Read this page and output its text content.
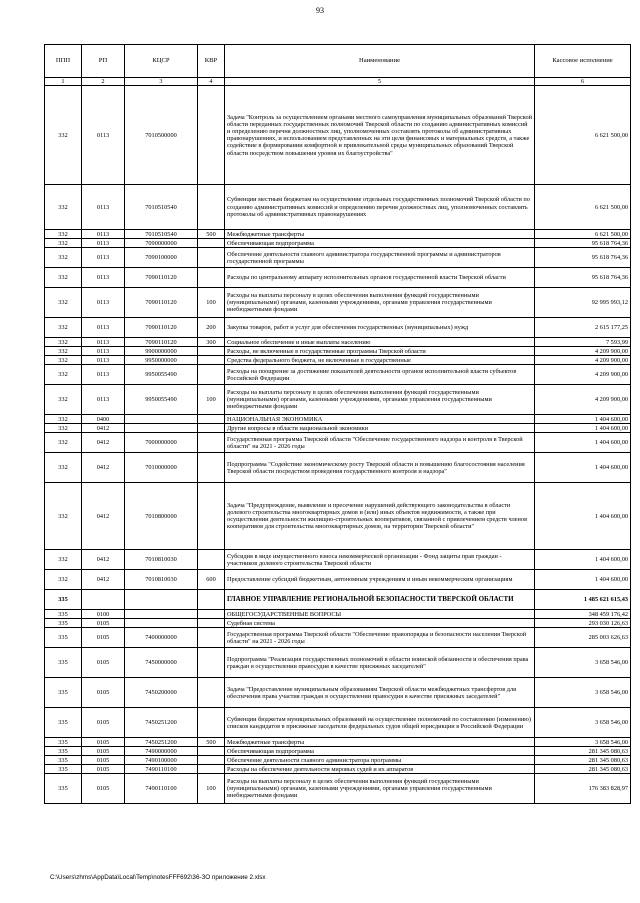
93
ППП	РП	КЦСР	КВР	Наименование	Кассовое исполнение
1	2	3	4	5	6
332	0113	7010500000		Задача "Контроль за осуществлением органами местного самоуправления муниципальных образований Тверской области переданных государственных полномочий Тверской области по созданию административных комиссий и определению перечня должностных лиц, уполномоченных составлять протоколы об административных правонарушениях, и использованием представленных на эти цели финансовых и материальных средств, а также содействие в формировании комфортной и привлекательной среды муниципальных образований Тверской области посредством повышения уровня их благоустройства"	6 621 500,00
332	0113	7010510540		Субвенции местным бюджетам на осуществление отдельных государственных полномочий Тверской области по созданию административных комиссий и определению перечня должностных лиц, уполномоченных составлять протоколы об административных правонарушениях	6 621 500,00
332	0113	7010510540	500	Межбюджетные трансферты	6 621 500,00
332	0113	7090000000		Обеспечивающая подпрограмма	95 618 764,36
332	0113	7090100000		Обеспечение деятельности главного администратора государственной программы и администраторов государственной программы	95 618 764,36
332	0113	7090110120		Расходы по центральному аппарату исполнительных органов государственной власти Тверской области	95 618 764,36
332	0113	7090110120	100	Расходы на выплаты персоналу в целях обеспечения выполнения функций государственными (муниципальными) органами, казенными учреждениями, органами управления государственными внебюджетными фондами	92 995 993,12
332	0113	7090110120	200	Закупка товаров, работ и услуг для обеспечения государственных (муниципальных) нужд	2 615 177,25
332	0113	7090110120	300	Социальное обеспечение и иные выплаты населению	7 593,99
332	0113	9900000000		Расходы, не включенные в государственные программы Тверской области	4 209 900,00
332	0113	9950000000		Средства федерального бюджета, не включенные в государственные	4 209 900,00
332	0113	9950055490		Расходы на поощрение за достижение показателей деятельности органов исполнительной власти субъектов Российской Федерации	4 209 900,00
332	0113	9950055490	100	Расходы на выплаты персоналу в целях обеспечения выполнения функций государственными (муниципальными) органами, казенными учреждениями, органами управления государственными внебюджетными фондами	4 209 900,00
332	0400			НАЦИОНАЛЬНАЯ ЭКОНОМИКА	1 404 600,00
332	0412			Другие вопросы в области национальной экономики	1 404 600,00
332	0412	7000000000		Государственная программа Тверской области "Обеспечение государственного надзора и контроля в Тверской области" на 2021 - 2026 годы	1 404 600,00
332	0412	7010000000		Подпрограмма "Содействие экономическому росту Тверской области и повышению благосостояния населения Тверской области посредством проведения государственного контроля и надзора"	1 404 600,00
332	0412	7010800000		Задача "Предупреждение, выявление и пресечение нарушений действующего законодательства в области долевого строительства многоквартирных домов и (или) иных объектов недвижимости, а также при осуществлении деятельности жилищно-строительных кооперативов, связанной с привлечением средств членов кооперативов для строительства многоквартирных домов, на территории Тверской области"	1 404 600,00
332	0412	7010810030		Субсидия в виде имущественного взноса некоммерческой организации - Фонд защиты прав граждан - участников долевого строительства Тверской области	1 404 600,00
332	0412	7010810030	600	Предоставление субсидий бюджетным, автономным учреждениям и иным некоммерческим организациям	1 404 600,00
335				ГЛАВНОЕ УПРАВЛЕНИЕ РЕГИОНАЛЬНОЙ БЕЗОПАСНОСТИ ТВЕРСКОЙ ОБЛАСТИ	1 485 621 615,43
335	0100			ОБЩЕГОСУДАРСТВЕННЫЕ ВОПРОСЫ	348 459 176,42
335	0105			Судебная система	293 030 126,63
335	0105	7400000000		Государственная программа Тверской области "Обеспечение правопорядка и безопасности населения Тверской области" на 2021 - 2026 годы	285 003 626,63
335	0105	7450000000		Подпрограмма "Реализация государственных полномочий в области воинской обязанности и обеспечения права граждан в осуществлении правосудия в качестве присяжных заседателей"	3 658 546,00
335	0105	7450200000		Задача "Предоставление муниципальным образованиям Тверской области межбюджетных трансфертов для обеспечения права участия граждан в осуществлении правосудия в качестве присяжных заседателей"	3 658 546,00
335	0105	7450251200		Субвенции бюджетам муниципальных образований на осуществление полномочий по составлению (изменению) списков кандидатов в присяжные заседатели федеральных судов общей юрисдикции в Российской Федерации	3 658 546,00
335	0105	7450251200	500	Межбюджетные трансферты	3 658 546,00
335	0105	7490000000		Обеспечивающая подпрограмма	281 345 080,63
335	0105	7490100000		Обеспечение деятельности главного администратора программы	281 345 080,63
335	0105	7490110100		Расходы на обеспечение деятельности мировых судей и их аппаратов	281 345 080,63
335	0105	7490110100	100	Расходы на выплаты персоналу в целях обеспечения выполнения функций государственными (муниципальными) органами, казенными учреждениями, органами управления государственными внебюджетными фондами	176 383 828,97
C:\Users\zhms\AppData\Local\Temp\notesFFF692\36-ЗО приложение 2.xlsx
